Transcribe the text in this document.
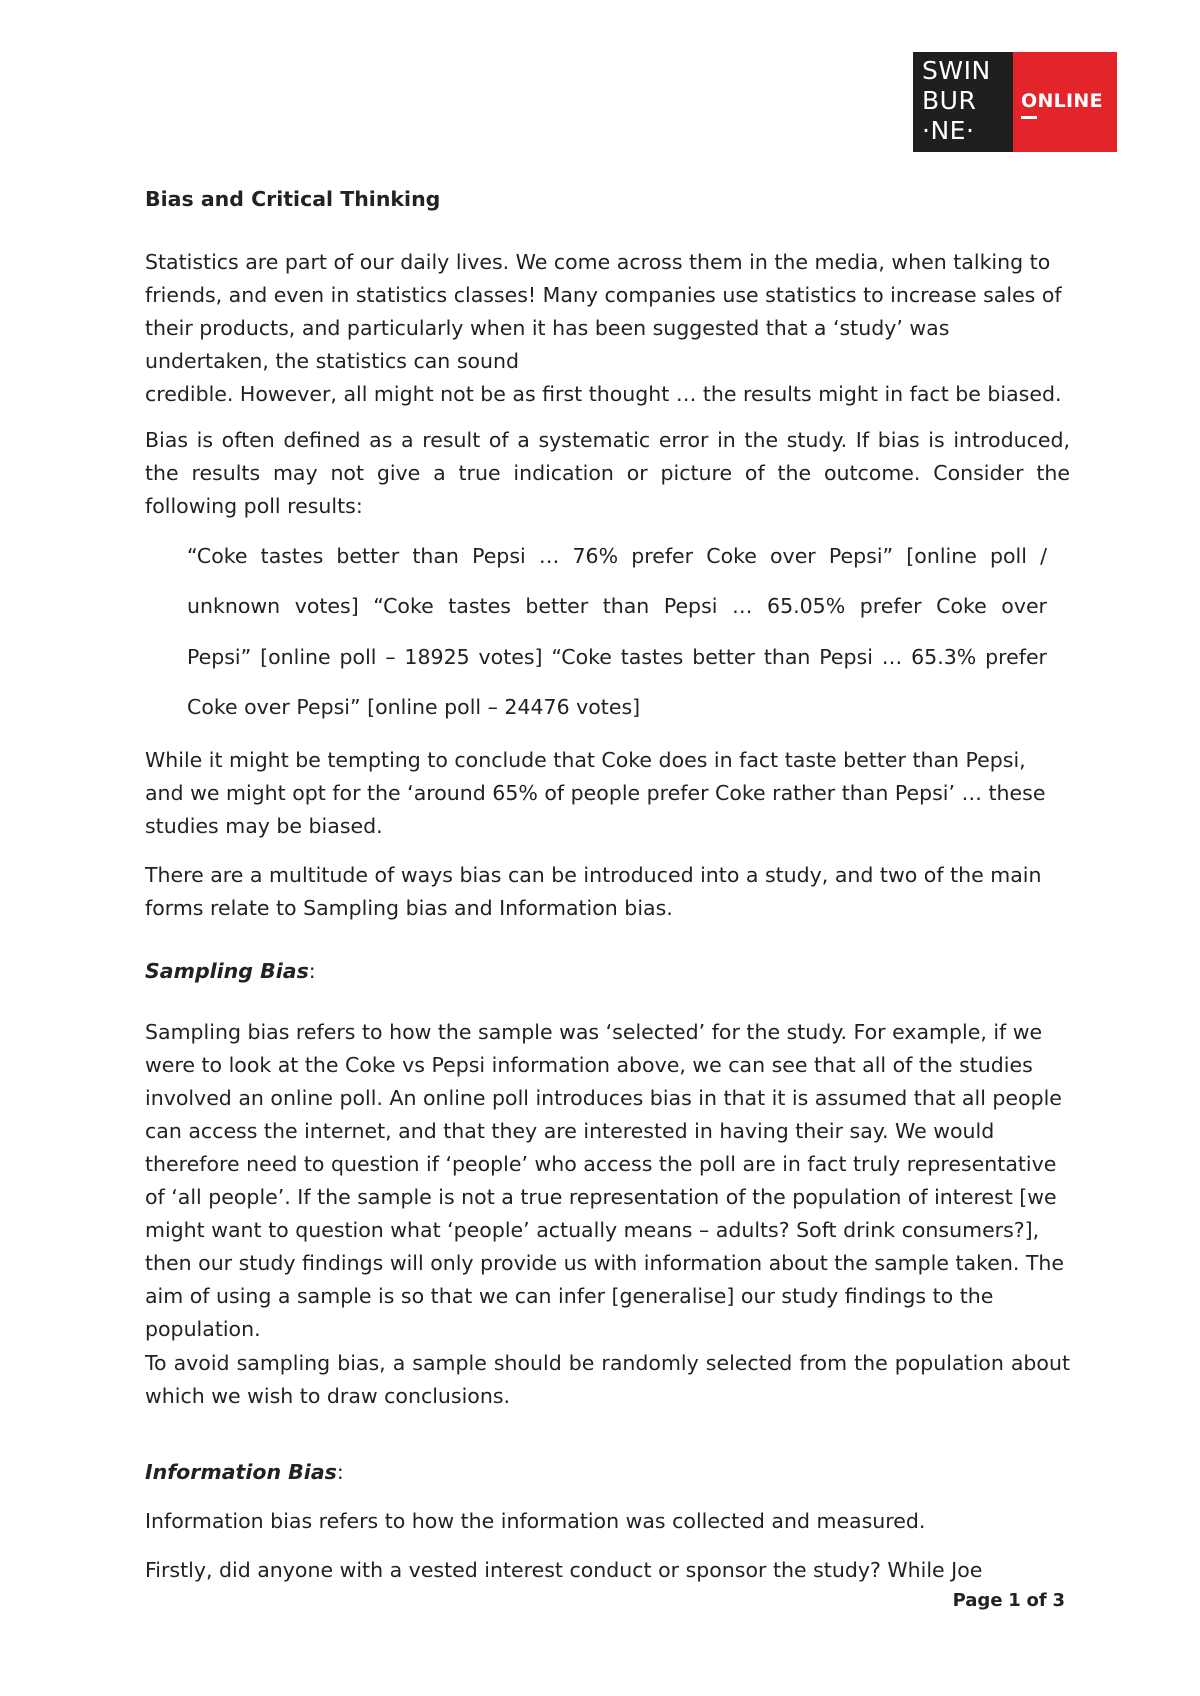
SWIN
BUR
·NE·
ONLINE

Bias and Critical Thinking

Statistics are part of our daily lives. We come across them in the media, when talking to
friends, and even in statistics classes! Many companies use statistics to increase sales of
their products, and particularly when it has been suggested that a ‘study’ was
undertaken, the statistics can sound
credible. However, all might not be as first thought … the results might in fact be biased.

Bias is often defined as a result of a systematic error in the study. If bias is introduced, the results may not give a true indication or picture of the outcome. Consider the following poll results:

“Coke tastes better than Pepsi … 76% prefer Coke over Pepsi” [online poll /

unknown votes] “Coke tastes better than Pepsi … 65.05% prefer Coke over

Pepsi” [online poll – 18925 votes] “Coke tastes better than Pepsi … 65.3% prefer

Coke over Pepsi” [online poll – 24476 votes]

While it might be tempting to conclude that Coke does in fact taste better than Pepsi, and we might opt for the ‘around 65% of people prefer Coke rather than Pepsi’ … these studies may be biased.

There are a multitude of ways bias can be introduced into a study, and two of the main forms relate to Sampling bias and Information bias.

Sampling Bias:

Sampling bias refers to how the sample was ‘selected’ for the study. For example, if we were to look at the Coke vs Pepsi information above, we can see that all of the studies involved an online poll. An online poll introduces bias in that it is assumed that all people can access the internet, and that they are interested in having their say. We would therefore need to question if ‘people’ who access the poll are in fact truly representative of ‘all people’. If the sample is not a true representation of the population of interest [we might want to question what ‘people’ actually means – adults? Soft drink consumers?], then our study findings will only provide us with information about the sample taken. The aim of using a sample is so that we can infer [generalise] our study findings to the population.

To avoid sampling bias, a sample should be randomly selected from the population about which we wish to draw conclusions.

Information Bias:

Information bias refers to how the information was collected and measured.

Firstly, did anyone with a vested interest conduct or sponsor the study? While Joe

Page 1 of 3
